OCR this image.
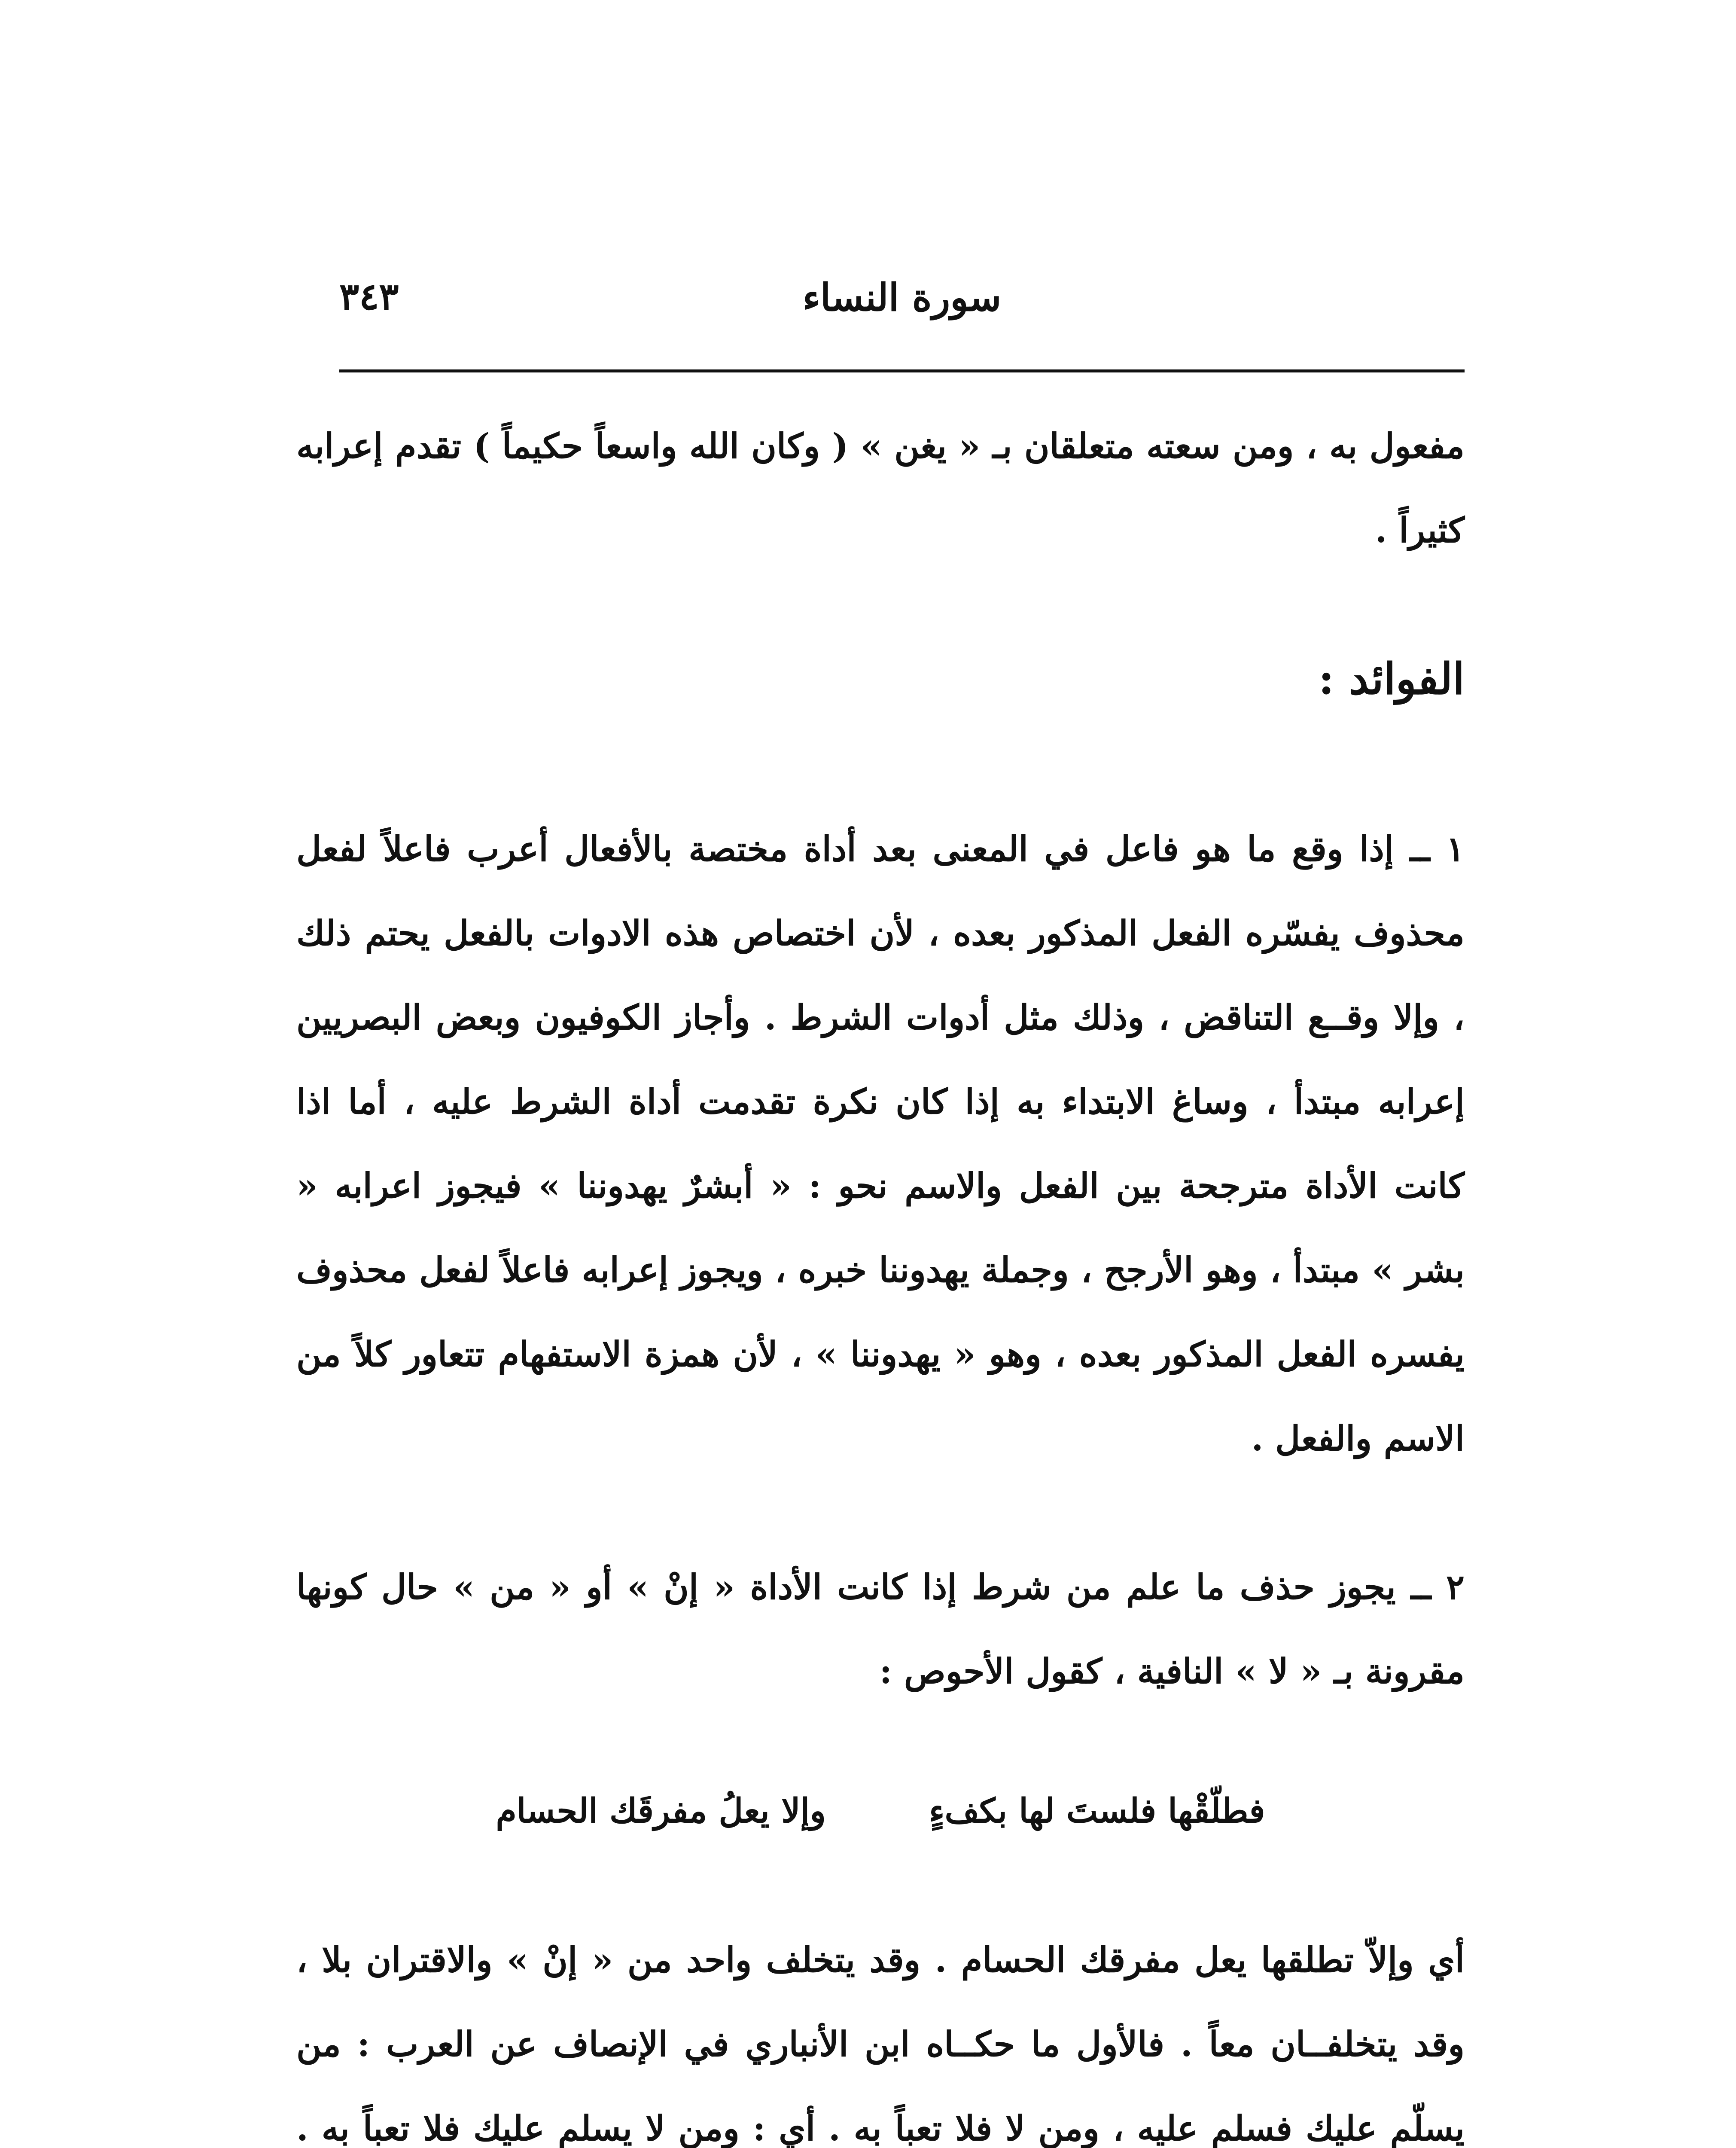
٣٤٣	سورة النساء

مفعول به ، ومن سعته متعلقان بـ « يغن » ( وكان الله واسعاً حكيماً ) تقدم إعرابه كثيراً .

الفوائد :

١ ــ إذا وقع ما هو فاعل في المعنى بعد أداة مختصة بالأفعال أعرب فاعلاً لفعل محذوف يفسّره الفعل المذكور بعده ، لأن اختصاص هذه الادوات بالفعل يحتم ذلك ، وإلا وقــع التناقض ، وذلك مثل أدوات الشرط . وأجاز الكوفيون وبعض البصريين إعرابه مبتدأ ، وساغ الابتداء به إذا كان نكرة تقدمت أداة الشرط عليه ، أما اذا كانت الأداة مترجحة بين الفعل والاسم نحو : « أبشرٌ يهدوننا » فيجوز اعرابه « بشر » مبتدأ ، وهو الأرجح ، وجملة يهدوننا خبره ، ويجوز إعرابه فاعلاً لفعل محذوف يفسره الفعل المذكور بعده ، وهو « يهدوننا » ، لأن همزة الاستفهام تتعاور كلاً من الاسم والفعل .

٢ ــ يجوز حذف ما علم من شرط إذا كانت الأداة « إنْ » أو « من » حال كونها مقرونة بـ « لا » النافية ، كقول الأحوص :

فطلّقْها فلستَ لها بكفءٍ
وإلا يعلُ مفرقَك الحسام

أي وإلاّ تطلقها يعل مفرقك الحسام . وقد يتخلف واحد من « إنْ » والاقتران بلا ، وقد يتخلفــان معاً . فالأول ما حكــاه ابن الأنباري في الإنصاف عن العرب : من يسلّم عليك فسلم عليه ، ومن لا فلا تعباً به . أي : ومن لا يسلم عليك فلا تعباً به .
